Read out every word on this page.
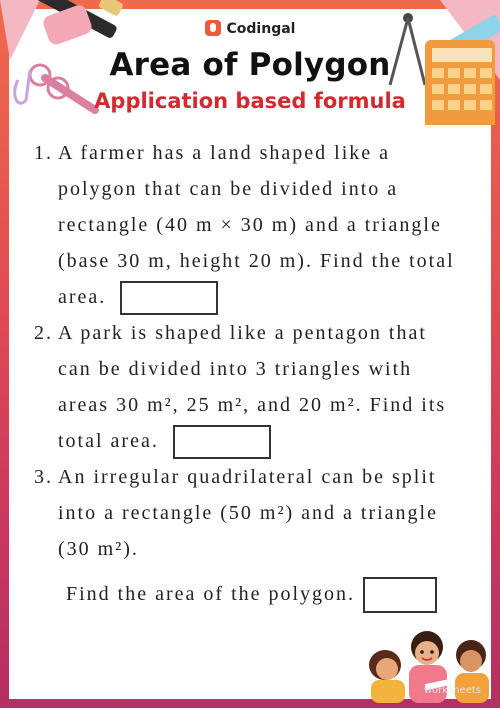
Codingal
Area of Polygon
Application based formula
1. A farmer has a land shaped like a
polygon that can be divided into a
rectangle (40 m × 30 m) and a triangle
(base 30 m, height 20 m). Find the total
area.
2. A park is shaped like a pentagon that
can be divided into 3 triangles with
areas 30 m², 25 m², and 20 m². Find its
total area.
3. An irregular quadrilateral can be split
into a rectangle (50 m²) and a triangle
(30 m²).
Find the area of the polygon.
worksheets
